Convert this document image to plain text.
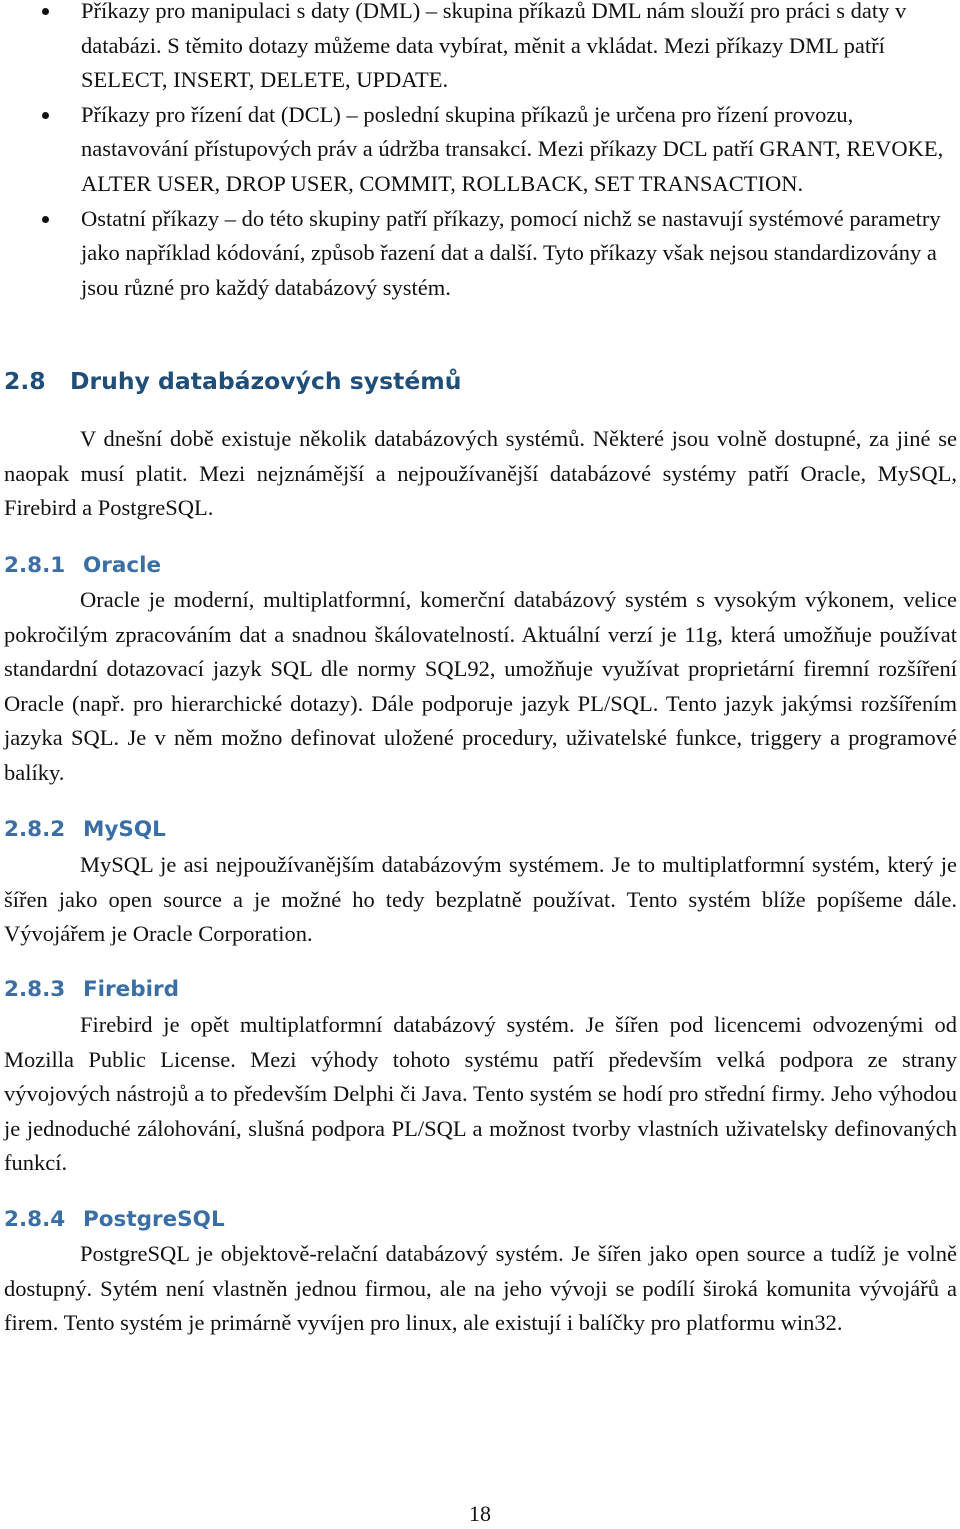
Příkazy pro manipulaci s daty (DML) – skupina příkazů DML nám slouží pro práci s daty v databázi. S těmito dotazy můžeme data vybírat, měnit a vkládat. Mezi příkazy DML patří SELECT, INSERT, DELETE, UPDATE.
Příkazy pro řízení dat (DCL) – poslední skupina příkazů je určena pro řízení provozu, nastavování přístupových práv a údržba transakcí. Mezi příkazy DCL patří GRANT, REVOKE, ALTER USER, DROP USER, COMMIT, ROLLBACK, SET TRANSACTION.
Ostatní příkazy – do této skupiny patří příkazy, pomocí nichž se nastavují systémové parametry jako například kódování, způsob řazení dat a další. Tyto příkazy však nejsou standardizovány a jsou různé pro každý databázový systém.
2.8 Druhy databázových systémů

V dnešní době existuje několik databázových systémů. Některé jsou volně dostupné, za jiné se naopak musí platit. Mezi nejznámější a nejpoužívanější databázové systémy patří Oracle, MySQL, Firebird a PostgreSQL.

2.8.1 Oracle

Oracle je moderní, multiplatformní, komerční databázový systém s vysokým výkonem, velice pokročilým zpracováním dat a snadnou škálovatelností. Aktuální verzí je 11g, která umožňuje používat standardní dotazovací jazyk SQL dle normy SQL92, umožňuje využívat proprietární firemní rozšíření Oracle (např. pro hierarchické dotazy). Dále podporuje jazyk PL/SQL. Tento jazyk jakýmsi rozšířením jazyka SQL. Je v něm možno definovat uložené procedury, uživatelské funkce, triggery a programové balíky.

2.8.2 MySQL

MySQL je asi nejpoužívanějším databázovým systémem. Je to multiplatformní systém, který je šířen jako open source a je možné ho tedy bezplatně používat. Tento systém blíže popíšeme dále. Vývojářem je Oracle Corporation.

2.8.3 Firebird

Firebird je opět multiplatformní databázový systém. Je šířen pod licencemi odvozenými od Mozilla Public License. Mezi výhody tohoto systému patří především velká podpora ze strany vývojových nástrojů a to především Delphi či Java. Tento systém se hodí pro střední firmy. Jeho výhodou je jednoduché zálohování, slušná podpora PL/SQL a možnost tvorby vlastních uživatelsky definovaných funkcí.

2.8.4 PostgreSQL

PostgreSQL je objektově-relační databázový systém. Je šířen jako open source a tudíž je volně dostupný. Sytém není vlastněn jednou firmou, ale na jeho vývoji se podílí široká komunita vývojářů a firem. Tento systém je primárně vyvíjen pro linux, ale existují i balíčky pro platformu win32.

18
